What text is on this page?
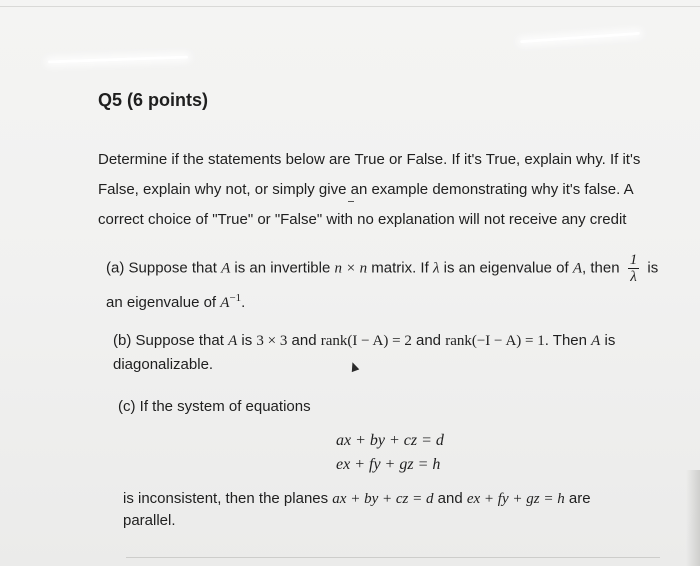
Q5 (6 points)
Determine if the statements below are True or False. If it's True, explain why. If it's
False, explain why not, or simply give an example demonstrating why it's false. A
correct choice of "True" or "False" with no explanation will not receive any credit
(a) Suppose that A is an invertible n × n matrix. If λ is an eigenvalue of A, then $\frac{1}{\lambda}$ is
an eigenvalue of $A^{-1}$.
(b) Suppose that A is 3 × 3 and rank(I − A) = 2 and rank(−I − A) = 1. Then A is
diagonalizable.
(c) If the system of equations
ax + by + cz = d
ex + fy + gz = h
is inconsistent, then the planes ax + by + cz = d and ex + fy + gz = h are
parallel.
